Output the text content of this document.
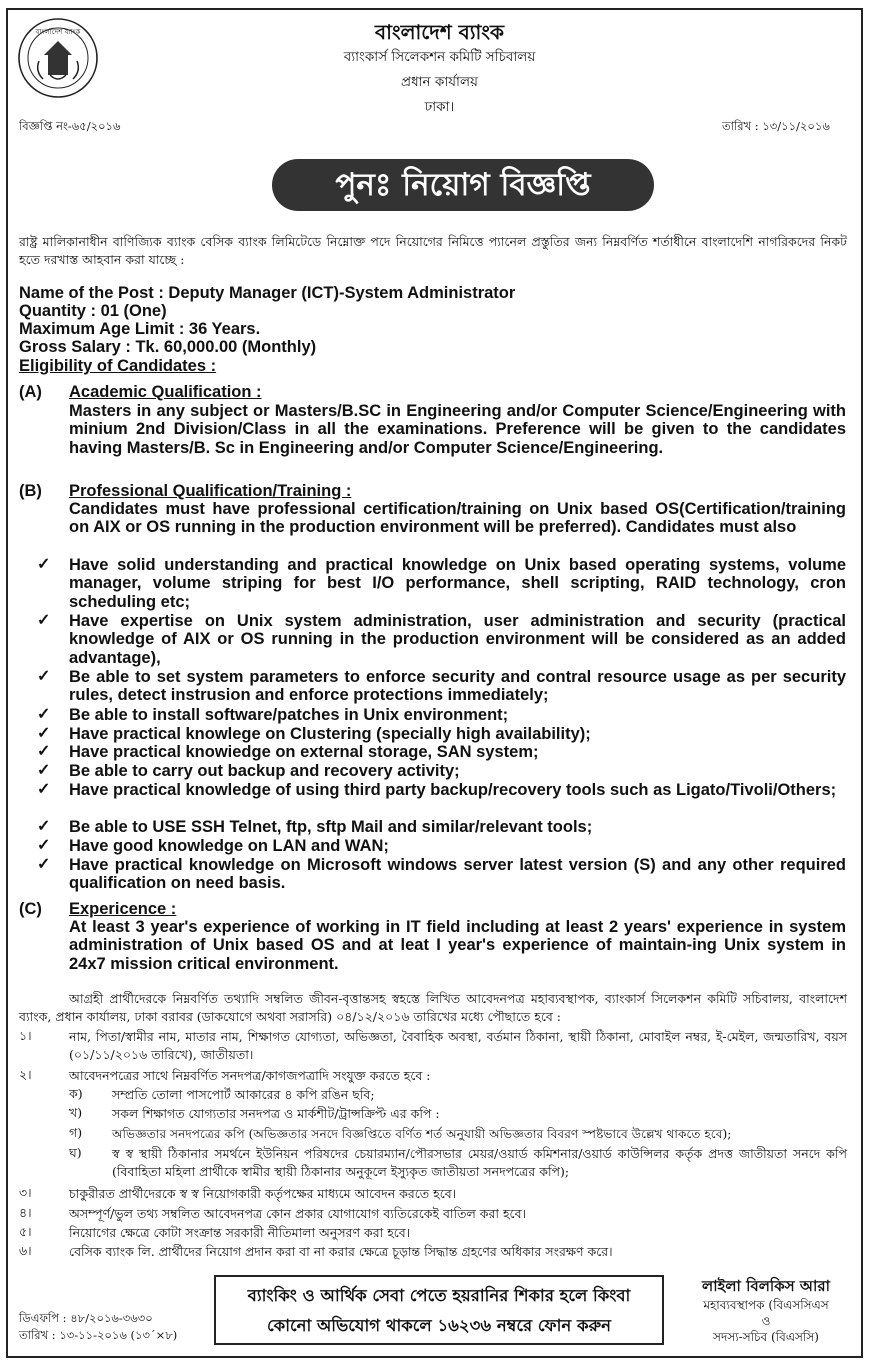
বাংলাদেশ ব্যাংক	বাংলাদেশ ব্যাংক
ব্যাংকার্স সিলেকশন কমিটি সচিবালয়
প্রধান কার্যালয়
ঢাকা।
বিজ্ঞপ্তি নং-৬৫/২০১৬	তারিখ : ১৩/১১/২০১৬
পুনঃ নিয়োগ বিজ্ঞপ্তি
রাষ্ট্র মালিকানাধীন বাণিজ্যিক ব্যাংক বেসিক ব্যাংক লিমিটেডে নিম্নোক্ত পদে নিয়োগের নিমিত্তে প্যানেল প্রস্তুতির জন্য নিম্নবর্ণিত শর্তাধীনে বাংলাদেশি নাগরিকদের নিকট হতে দরখাস্ত আহবান করা যাচ্ছে :
Name of the Post : Deputy Manager (ICT)-System Administrator
Quantity : 01 (One)
Maximum Age Limit : 36 Years.
Gross Salary : Tk. 60,000.00 (Monthly)
Eligibility of Candidates :
(A) Academic Qualification :
Masters in any subject or Masters/B.SC in Engineering and/or Computer Science/Engineering with minium 2nd Division/Class in all the examinations. Preference will be given to the candidates having Masters/B. Sc in Engineering and/or Computer Science/Engineering.
(B) Professional Qualification/Training :
Candidates must have professional certification/training on Unix based OS(Certification/training on AIX or OS running in the production environment will be preferred). Candidates must also
✓ Have solid understanding and practical knowledge on Unix based operating systems, volume manager, volume striping for best I/O performance, shell scripting, RAID technology, cron scheduling etc;
✓ Have expertise on Unix system administration, user administration and security (practical knowledge of AIX or OS running in the production environment will be considered as an added advantage),
✓ Be able to set system parameters to enforce security and contral resource usage as per security rules, detect instrusion and enforce protections immediately;
✓ Be able to install software/patches in Unix environment;
✓ Have practical knowlege on Clustering (specially high availability);
✓ Have practical knowiedge on external storage, SAN system;
✓ Be able to carry out backup and recovery activity;
✓ Have practical knowledge of using third party backup/recovery tools such as Ligato/Tivoli/Others;
✓ Be able to USE SSH Telnet, ftp, sftp Mail and similar/relevant tools;
✓ Have good knowledge on LAN and WAN;
✓ Have practical knowledge on Microsoft windows server latest version (S) and any other required qualification on need basis.
(C) Expericence :
At least 3 year's experience of working in IT field including at least 2 years' experience in system administration of Unix based OS and at leat I year's experience of maintain-ing Unix system in 24x7 mission critical environment.
আগ্রহী প্রার্থীদেরকে নিম্নবর্ণিত তথ্যাদি সম্বলিত জীবন-বৃত্তান্তসহ স্বহস্তে লিখিত আবেদনপত্র মহাব্যবস্থাপক, ব্যাংকার্স সিলেকশন কমিটি সচিবালয়, বাংলাদেশ ব্যাংক, প্রধান কার্যালয়, ঢাকা বরাবর (ডাকযোগে অথবা সরাসরি) ০৪/১২/২০১৬ তারিখের মধ্যে পৌছাতে হবে :
১।	নাম, পিতা/স্বামীর নাম, মাতার নাম, শিক্ষাগত যোগ্যতা, অভিজ্ঞতা, বৈবাহিক অবস্থা, বর্তমান ঠিকানা, স্থায়ী ঠিকানা, মোবাইল নম্বর, ই-মেইল, জন্মতারিখ, বয়স (০১/১১/২০১৬ তারিখে), জাতীয়তা।
২।	আবেদনপত্রের সাথে নিম্নবর্ণিত সনদপত্র/কাগজপত্রাদি সংযুক্ত করতে হবে :
ক) সম্প্রতি তোলা পাসপোর্ট আকারের ৪ কপি রঙিন ছবি;
খ) সকল শিক্ষাগত যোগ্যতার সনদপত্র ও মার্কশীট/ট্রান্সক্রিপ্ট এর কপি :
গ) অভিজ্ঞতার সনদপত্রের কপি (অভিজ্ঞতার সনদে বিজ্ঞপ্তিতে বর্ণিত শর্ত অনুযায়ী অভিজ্ঞতার বিবরণ স্পষ্টভাবে উল্লেখ থাকতে হবে);
ঘ) স্ব স্ব স্থায়ী ঠিকানার সমর্থনে ইউনিয়ন পরিষদের চেয়ারম্যান/পৌরসভার মেয়র/ওয়ার্ড কমিশনার/ওয়ার্ড কাউন্সিলর কর্তৃক প্রদত্ত জাতীয়তা সনদে কপি (বিবাহিতা মহিলা প্রার্থীকে স্বামীর স্থায়ী ঠিকানার অনুকূলে ইস্যুকৃত জাতীয়তা সনদপত্রের কপি);
৩।	চাকুরীরত প্রার্থীদেরকে স্ব স্ব নিয়োগকারী কর্তৃপক্ষের মাধ্যমে আবেদন করতে হবে।
৪।	অসম্পূর্ণ/ভুল তথ্য সম্বলিত আবেদনপত্র কোন প্রকার যোগাযোগ ব্যতিরেকেই বাতিল করা হবে।
৫।	নিয়োগের ক্ষেত্রে কোটা সংক্রান্ত সরকারী নীতিমালা অনুসরণ করা হবে।
৬।	বেসিক ব্যাংক লি. প্রার্থীদের নিয়োগ প্রদান করা বা না করার ক্ষেত্রে চূড়ান্ত সিদ্ধান্ত গ্রহণের অধিকার সংরক্ষণ করে।
ডিএফপি : ৪৮/২০১৬-৩৬৩০
তারিখ : ১৩-১১-২০১৬ (১৩´×৮)
ব্যাংকিং ও আর্থিক সেবা পেতে হয়রানির শিকার হলে কিংবা
কোনো অভিযোগ থাকলে ১৬২৩৬ নম্বরে ফোন করুন
লাইলা বিলকিস আরা
মহাব্যবস্থাপক (বিএসসিএস
ও
সদস্য-সচিব (বিএসসি)
